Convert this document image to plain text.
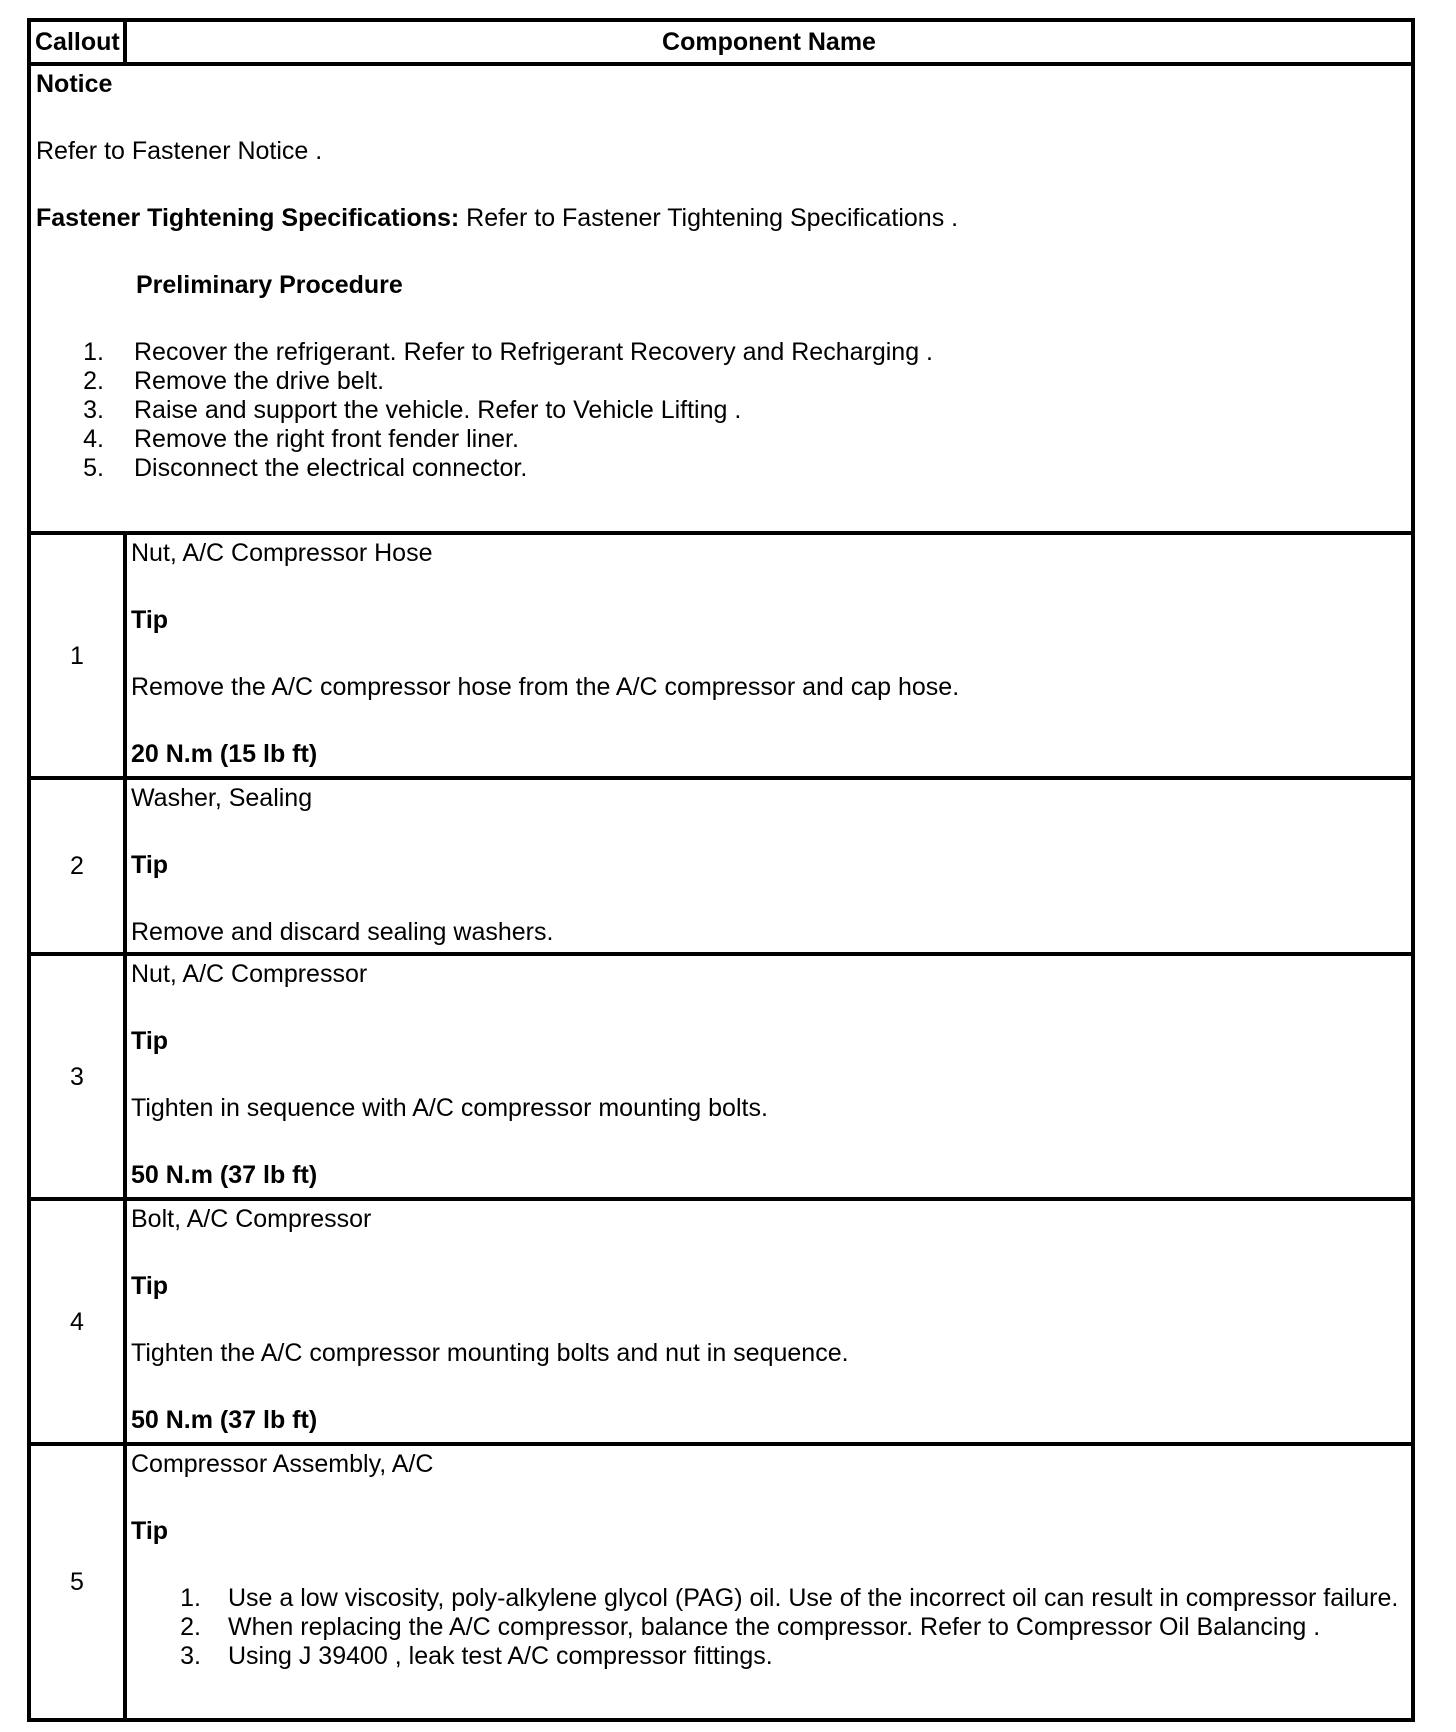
Callout	Component Name

Notice

Refer to Fastener Notice .

Fastener Tightening Specifications: Refer to Fastener Tightening Specifications .

Preliminary Procedure

1.	Recover the refrigerant. Refer to Refrigerant Recovery and Recharging .
2.	Remove the drive belt.
3.	Raise and support the vehicle. Refer to Vehicle Lifting .
4.	Remove the right front fender liner.
5.	Disconnect the electrical connector.
1
Nut, A/C Compressor Hose
Tip
Remove the A/C compressor hose from the A/C compressor and cap hose.
20 N.m (15 lb ft)
2
Washer, Sealing
Tip
Remove and discard sealing washers.
3
Nut, A/C Compressor
Tip
Tighten in sequence with A/C compressor mounting bolts.
50 N.m (37 lb ft)
4
Bolt, A/C Compressor
Tip
Tighten the A/C compressor mounting bolts and nut in sequence.
50 N.m (37 lb ft)
5
Compressor Assembly, A/C
Tip
1.	Use a low viscosity, poly-alkylene glycol (PAG) oil. Use of the incorrect oil can result in compressor failure.
2.	When replacing the A/C compressor, balance the compressor. Refer to Compressor Oil Balancing .
3.	Using J 39400 , leak test A/C compressor fittings.
